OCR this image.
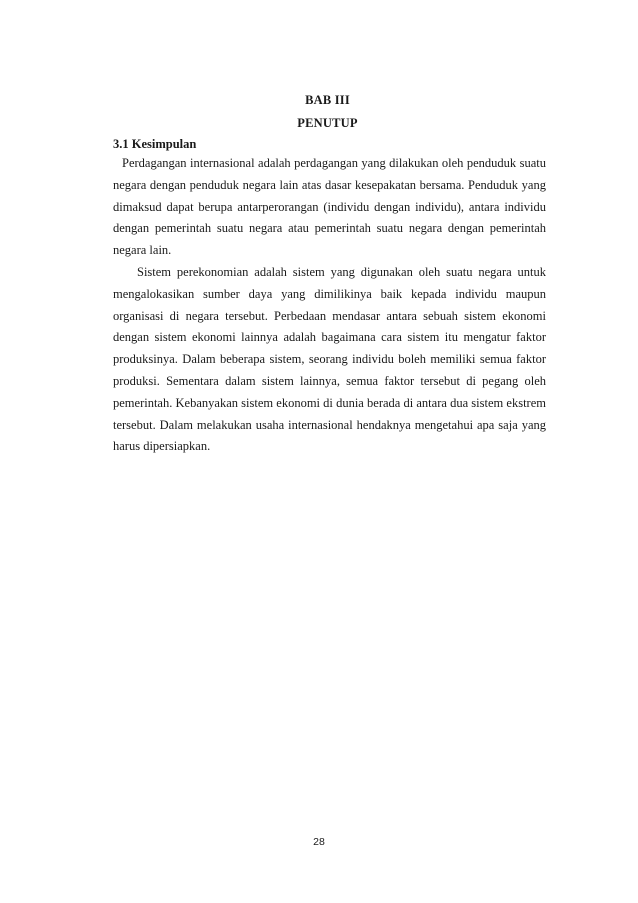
BAB III
PENUTUP
3.1 Kesimpulan

Perdagangan internasional adalah perdagangan yang dilakukan oleh penduduk suatu negara dengan penduduk negara lain atas dasar kesepakatan bersama. Penduduk yang dimaksud dapat berupa antarperorangan (individu dengan individu), antara individu dengan pemerintah suatu negara atau pemerintah suatu negara dengan pemerintah negara lain.

Sistem perekonomian adalah sistem yang digunakan oleh suatu negara untuk mengalokasikan sumber daya yang dimilikinya baik kepada individu maupun organisasi di negara tersebut. Perbedaan mendasar antara sebuah sistem ekonomi dengan sistem ekonomi lainnya adalah bagaimana cara sistem itu mengatur faktor produksinya. Dalam beberapa sistem, seorang individu boleh memiliki semua faktor produksi. Sementara dalam sistem lainnya, semua faktor tersebut di pegang oleh pemerintah. Kebanyakan sistem ekonomi di dunia berada di antara dua sistem ekstrem tersebut. Dalam melakukan usaha internasional hendaknya mengetahui apa saja yang harus dipersiapkan.

28
